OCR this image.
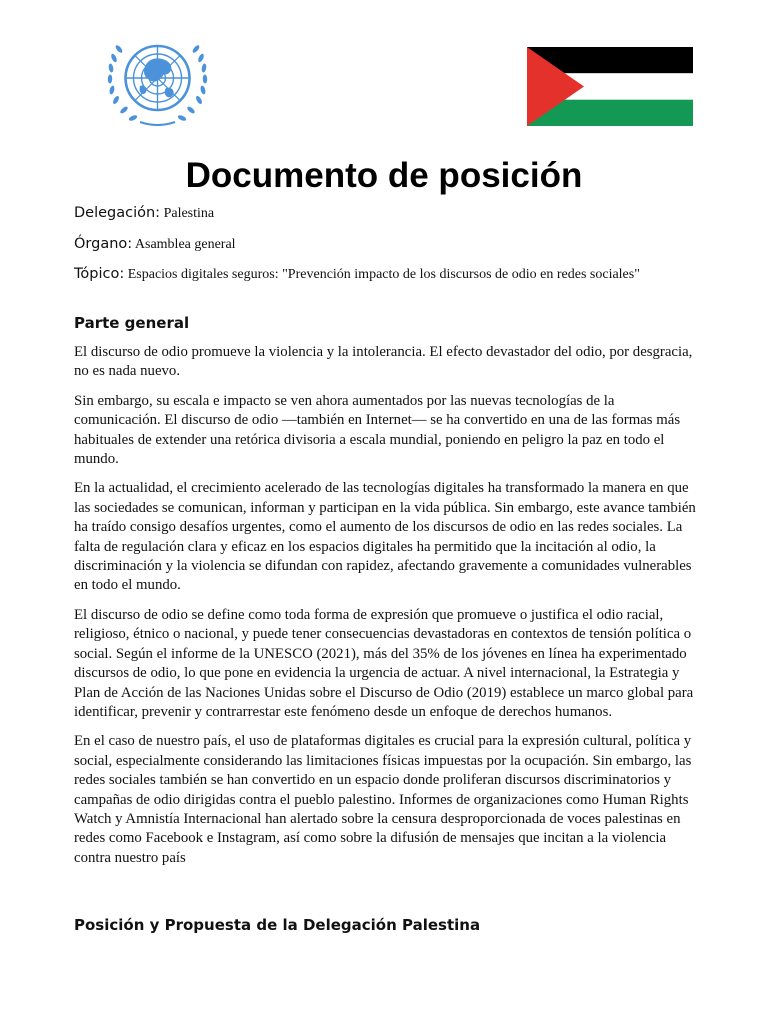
Documento de posición

Delegación: Palestina

Órgano: Asamblea general

Tópico: Espacios digitales seguros: "Prevención impacto de los discursos de odio en redes sociales"

Parte general

El discurso de odio promueve la violencia y la intolerancia. El efecto devastador del odio, por desgracia, no es nada nuevo.

Sin embargo, su escala e impacto se ven ahora aumentados por las nuevas tecnologías de la comunicación. El discurso de odio —también en Internet— se ha convertido en una de las formas más habituales de extender una retórica divisoria a escala mundial, poniendo en peligro la paz en todo el mundo.

En la actualidad, el crecimiento acelerado de las tecnologías digitales ha transformado la manera en que las sociedades se comunican, informan y participan en la vida pública. Sin embargo, este avance también ha traído consigo desafíos urgentes, como el aumento de los discursos de odio en las redes sociales. La falta de regulación clara y eficaz en los espacios digitales ha permitido que la incitación al odio, la discriminación y la violencia se difundan con rapidez, afectando gravemente a comunidades vulnerables en todo el mundo.

El discurso de odio se define como toda forma de expresión que promueve o justifica el odio racial, religioso, étnico o nacional, y puede tener consecuencias devastadoras en contextos de tensión política o social. Según el informe de la UNESCO (2021), más del 35% de los jóvenes en línea ha experimentado discursos de odio, lo que pone en evidencia la urgencia de actuar. A nivel internacional, la Estrategia y Plan de Acción de las Naciones Unidas sobre el Discurso de Odio (2019) establece un marco global para identificar, prevenir y contrarrestar este fenómeno desde un enfoque de derechos humanos.

En el caso de nuestro país, el uso de plataformas digitales es crucial para la expresión cultural, política y social, especialmente considerando las limitaciones físicas impuestas por la ocupación. Sin embargo, las redes sociales también se han convertido en un espacio donde proliferan discursos discriminatorios y campañas de odio dirigidas contra el pueblo palestino. Informes de organizaciones como Human Rights Watch y Amnistía Internacional han alertado sobre la censura desproporcionada de voces palestinas en redes como Facebook e Instagram, así como sobre la difusión de mensajes que incitan a la violencia contra nuestro país

Posición y Propuesta de la Delegación Palestina
